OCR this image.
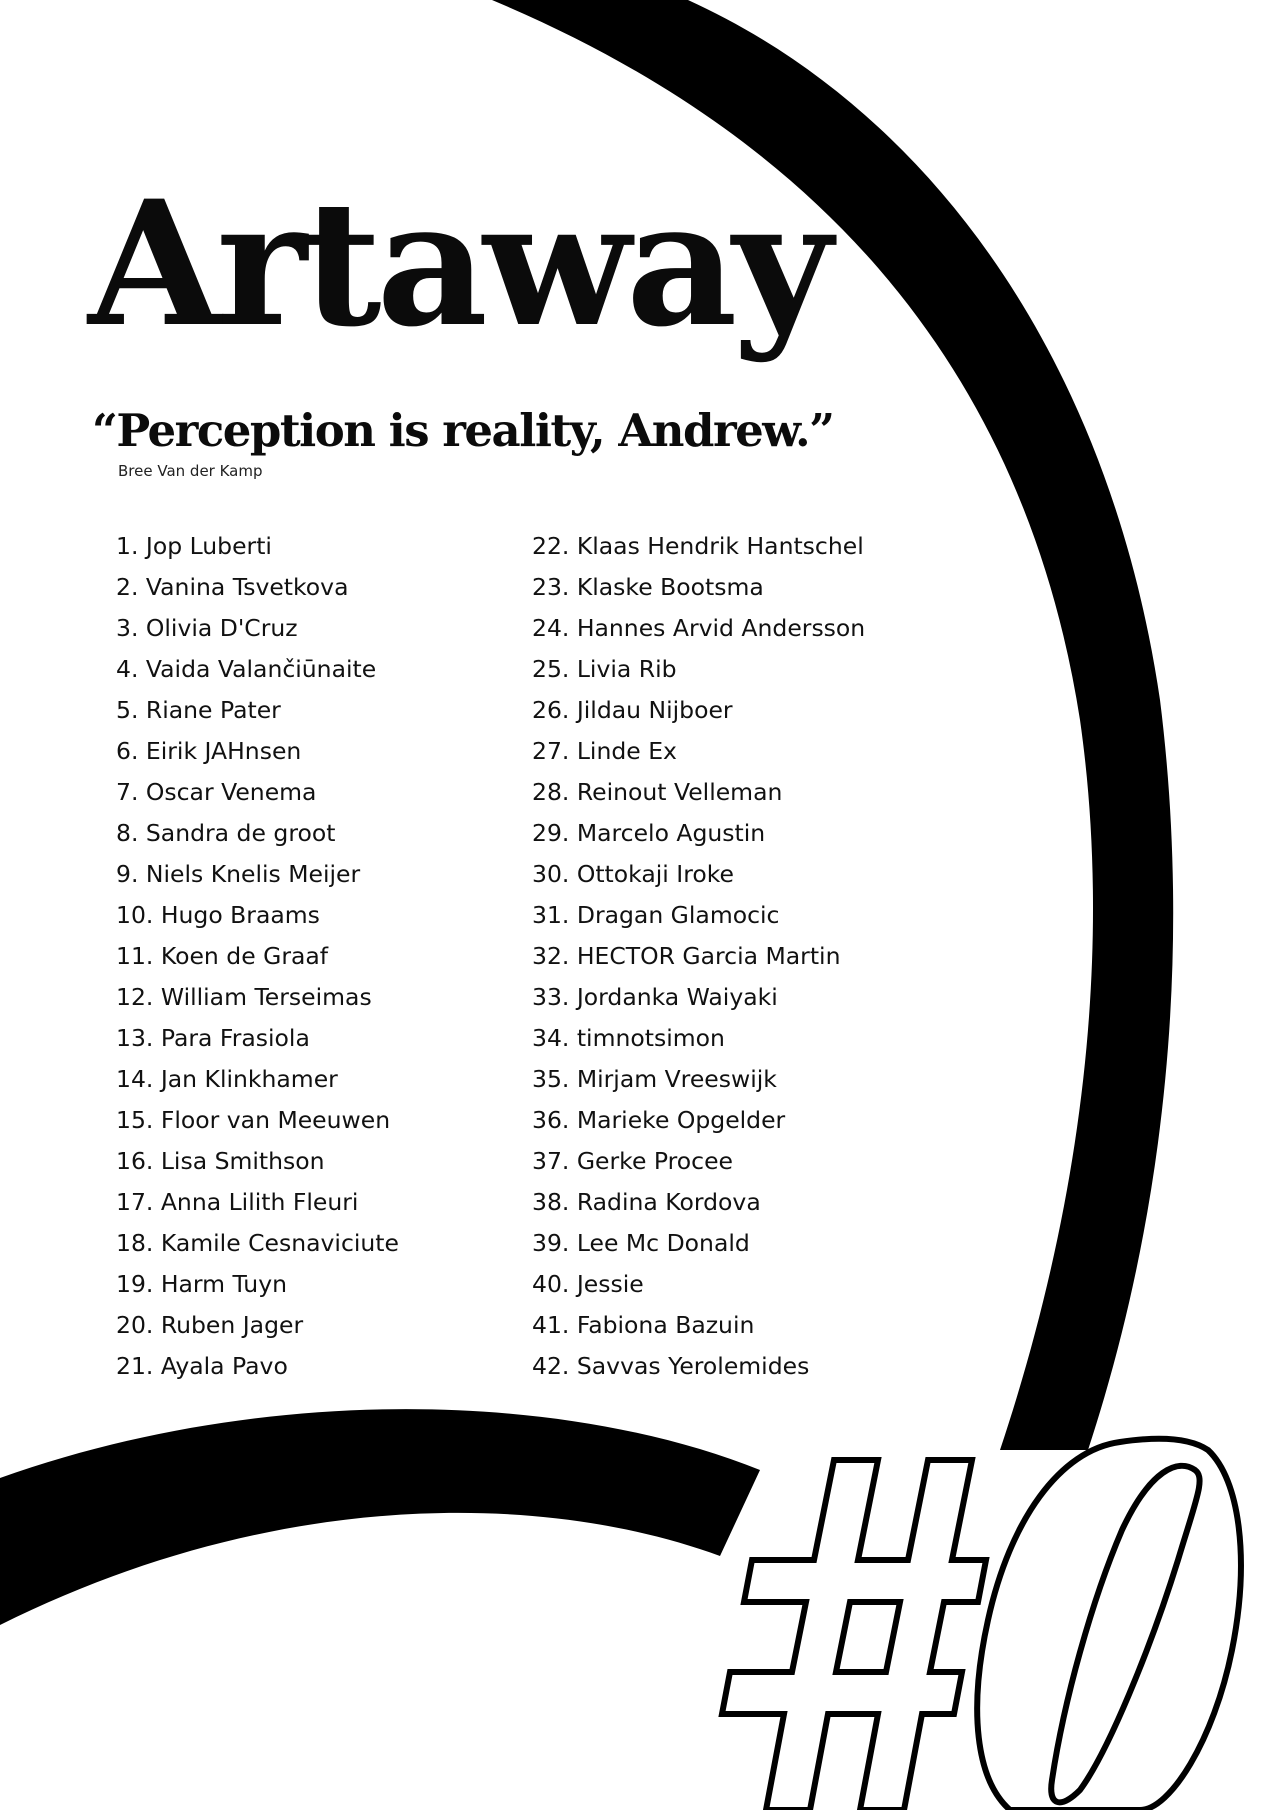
Artaway

“Perception is reality, Andrew.”

Bree Van der Kamp

1. Jop Luberti
2. Vanina Tsvetkova
3. Olivia D'Cruz
4. Vaida Valančiūnaite
5. Riane Pater
6. Eirik JAHnsen
7. Oscar Venema
8. Sandra de groot
9. Niels Knelis Meijer
10. Hugo Braams
11. Koen de Graaf
12. William Terseimas
13. Para Frasiola
14. Jan Klinkhamer
15. Floor van Meeuwen
16. Lisa Smithson
17. Anna Lilith Fleuri
18. Kamile Cesnaviciute
19. Harm Tuyn
20. Ruben Jager
21. Ayala Pavo
22. Klaas Hendrik Hantschel
23. Klaske Bootsma
24. Hannes Arvid Andersson
25. Livia Rib
26. Jildau Nijboer
27. Linde Ex
28. Reinout Velleman
29. Marcelo Agustin
30. Ottokaji Iroke
31. Dragan Glamocic
32. HECTOR Garcia Martin
33. Jordanka Waiyaki
34. timnotsimon
35. Mirjam Vreeswijk
36. Marieke Opgelder
37. Gerke Procee
38. Radina Kordova
39. Lee Mc Donald
40. Jessie
41. Fabiona Bazuin
42. Savvas Yerolemides
